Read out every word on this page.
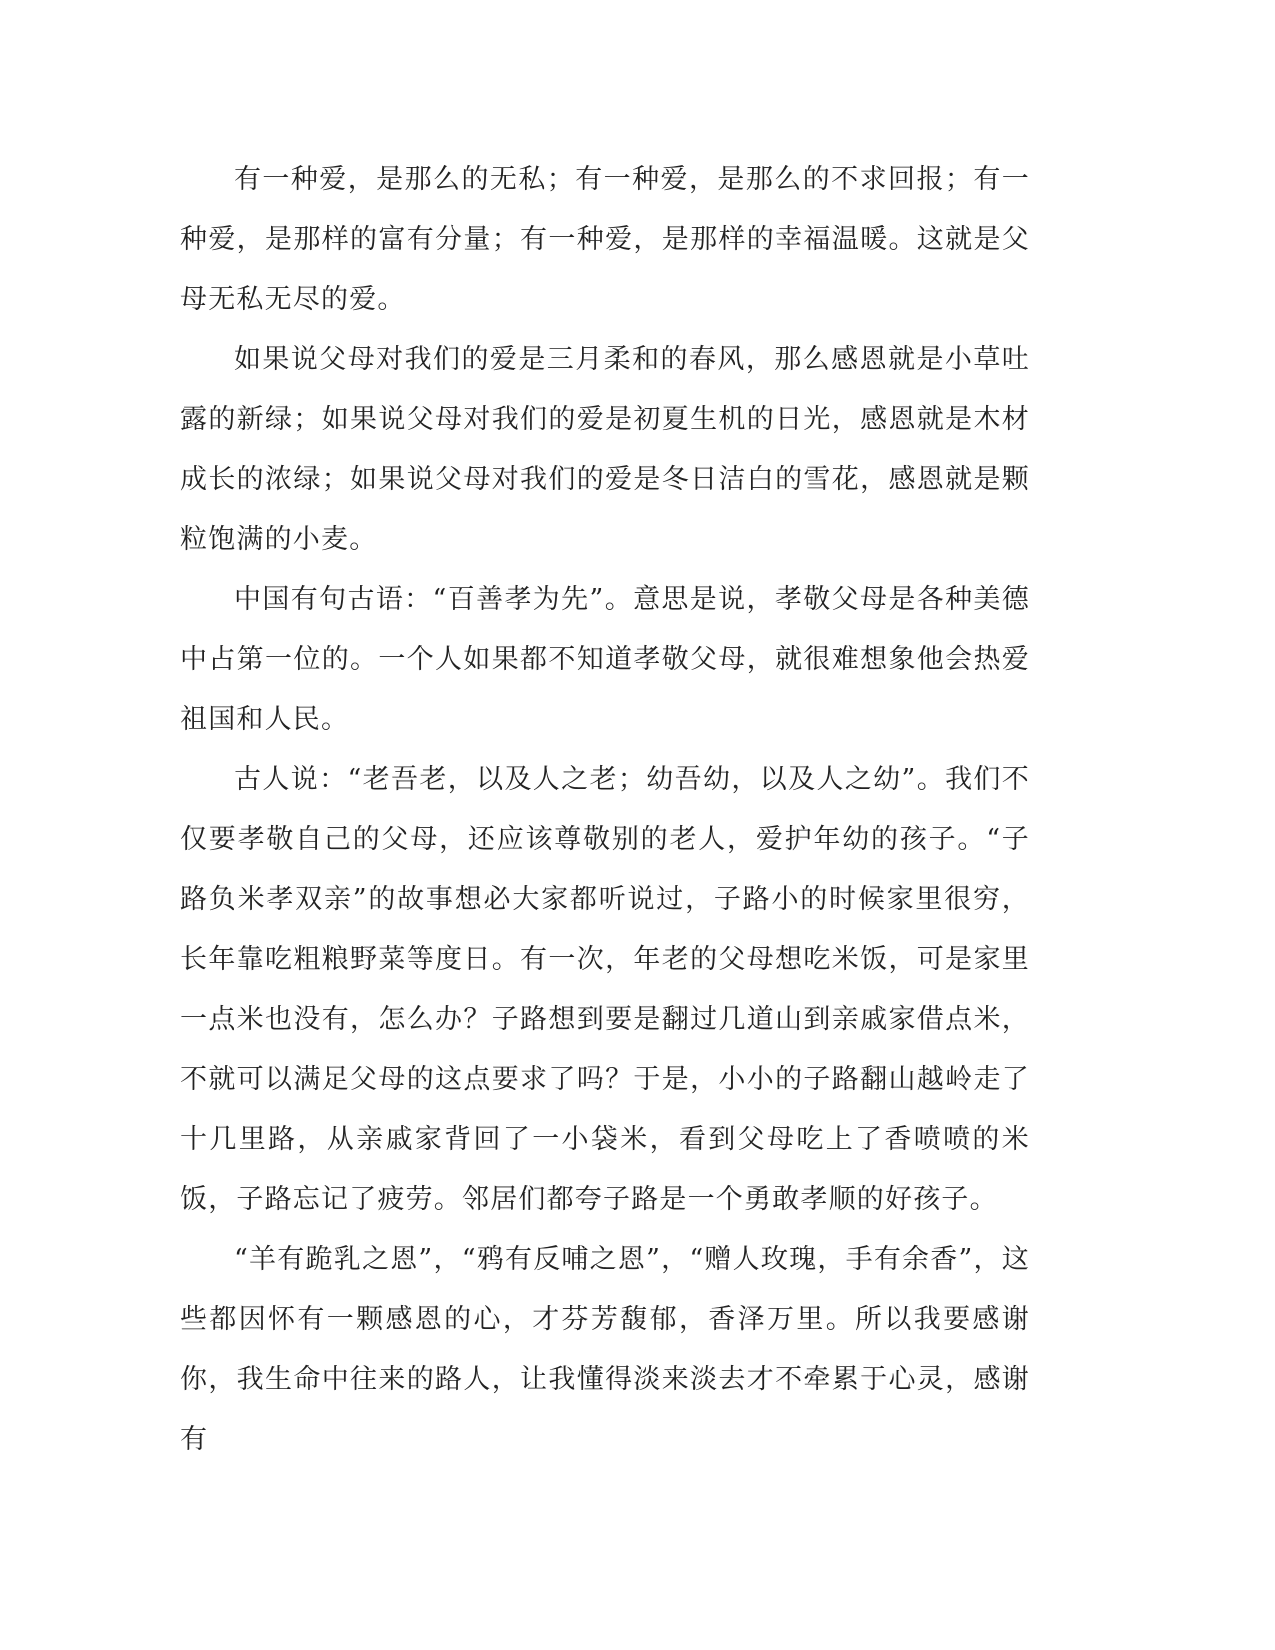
有一种爱，是那么的无私；有一种爱，是那么的不求回报；有一种爱，是那样的富有分量；有一种爱，是那样的幸福温暖。这就是父母无私无尽的爱。

如果说父母对我们的爱是三月柔和的春风，那么感恩就是小草吐露的新绿；如果说父母对我们的爱是初夏生机的日光，感恩就是木材成长的浓绿；如果说父母对我们的爱是冬日洁白的雪花，感恩就是颗粒饱满的小麦。

中国有句古语：“百善孝为先”。意思是说，孝敬父母是各种美德中占第一位的。一个人如果都不知道孝敬父母，就很难想象他会热爱祖国和人民。

古人说：“老吾老，以及人之老；幼吾幼，以及人之幼”。我们不仅要孝敬自己的父母，还应该尊敬别的老人，爱护年幼的孩子。“子路负米孝双亲”的故事想必大家都听说过，子路小的时候家里很穷，长年靠吃粗粮野菜等度日。有一次，年老的父母想吃米饭，可是家里一点米也没有，怎么办？子路想到要是翻过几道山到亲戚家借点米，不就可以满足父母的这点要求了吗？于是，小小的子路翻山越岭走了十几里路，从亲戚家背回了一小袋米，看到父母吃上了香喷喷的米饭，子路忘记了疲劳。邻居们都夸子路是一个勇敢孝顺的好孩子。

“羊有跪乳之恩”，“鸦有反哺之恩”，“赠人玫瑰，手有余香”，这些都因怀有一颗感恩的心，才芬芳馥郁，香泽万里。所以我要感谢你，我生命中往来的路人，让我懂得淡来淡去才不牵累于心灵，感谢有
